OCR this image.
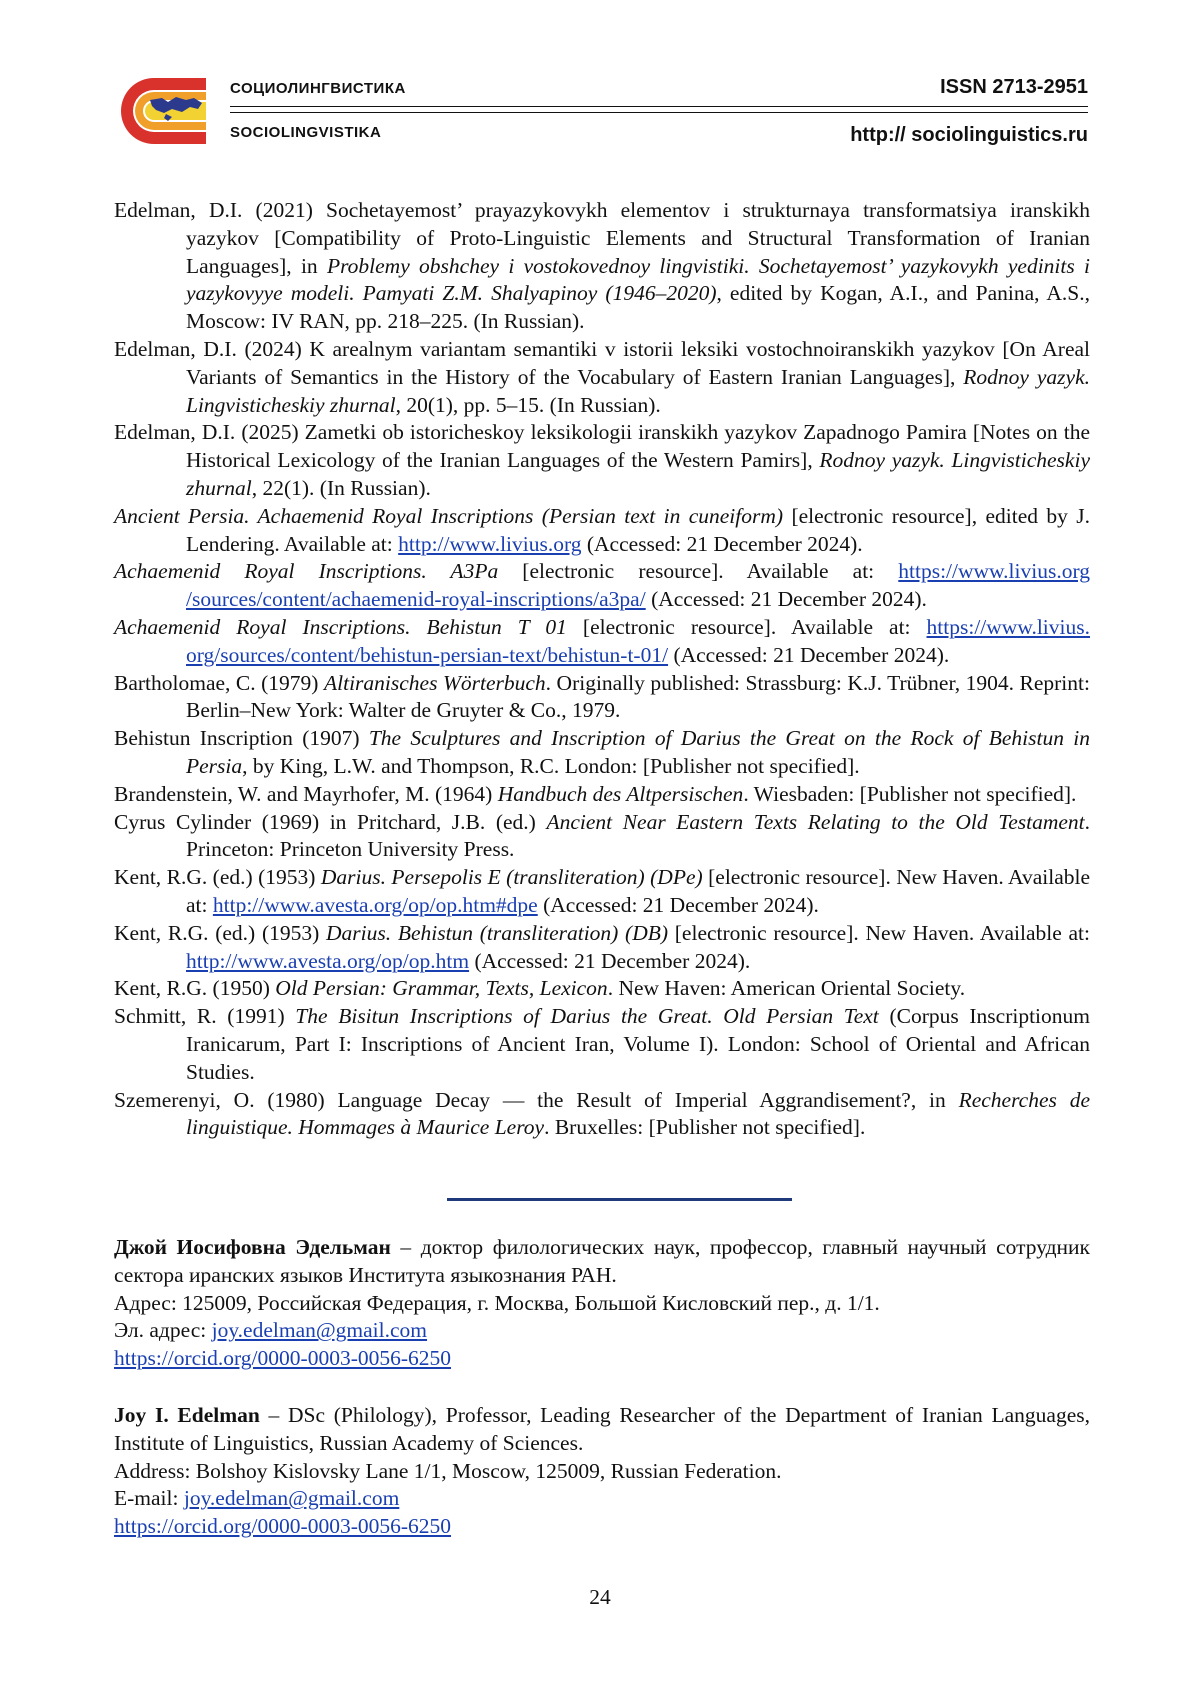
СОЦИОЛИНГВИСТИКА
SOCIOLINGVISTIKA
ISSN 2713-2951
http:// sociolinguistics.ru

Edelman, D.I. (2021) Sochetayemost’ prayazykovykh elementov i strukturnaya transformatsiya iranskikh yazykov [Compatibility of Proto-Linguistic Elements and Structural Transformation of Iranian Languages], in Problemy obshchey i vostokovednoy lingvistiki. Sochetayemost’ yazykovykh yedinits i yazykovyye modeli. Pamyati Z.M. Shalyapinoy (1946–2020), edited by Kogan, A.I., and Panina, A.S., Moscow: IV RAN, pp. 218–225. (In Russian).

Edelman, D.I. (2024) K arealnym variantam semantiki v istorii leksiki vostochnoiranskikh yazykov [On Areal Variants of Semantics in the History of the Vocabulary of Eastern Iranian Languages], Rodnoy yazyk. Lingvisticheskiy zhurnal, 20(1), pp. 5–15. (In Russian).

Edelman, D.I. (2025) Zametki ob istoricheskoy leksikologii iranskikh yazykov Zapadnogo Pamira [Notes on the Historical Lexicology of the Iranian Languages of the Western Pamirs], Rodnoy yazyk. Lingvisticheskiy zhurnal, 22(1). (In Russian).

Ancient Persia. Achaemenid Royal Inscriptions (Persian text in cuneiform) [electronic resource], edited by J. Lendering. Available at: http://www.livius.org (Accessed: 21 December 2024).

Achaemenid Royal Inscriptions. A3Pa [electronic resource]. Available at: https://www.livius.org /sources/content/achaemenid-royal-inscriptions/a3pa/ (Accessed: 21 December 2024).

Achaemenid Royal Inscriptions. Behistun T 01 [electronic resource]. Available at: https://www.livius. org/sources/content/behistun-persian-text/behistun-t-01/ (Accessed: 21 December 2024).

Bartholomae, C. (1979) Altiranisches Wörterbuch. Originally published: Strassburg: K.J. Trübner, 1904. Reprint: Berlin–New York: Walter de Gruyter & Co., 1979.

Behistun Inscription (1907) The Sculptures and Inscription of Darius the Great on the Rock of Behistun in Persia, by King, L.W. and Thompson, R.C. London: [Publisher not specified].

Brandenstein, W. and Mayrhofer, M. (1964) Handbuch des Altpersischen. Wiesbaden: [Publisher not specified].

Cyrus Cylinder (1969) in Pritchard, J.B. (ed.) Ancient Near Eastern Texts Relating to the Old Testament. Princeton: Princeton University Press.

Kent, R.G. (ed.) (1953) Darius. Persepolis E (transliteration) (DPe) [electronic resource]. New Haven. Available at: http://www.avesta.org/op/op.htm#dpe (Accessed: 21 December 2024).

Kent, R.G. (ed.) (1953) Darius. Behistun (transliteration) (DB) [electronic resource]. New Haven. Available at: http://www.avesta.org/op/op.htm (Accessed: 21 December 2024).

Kent, R.G. (1950) Old Persian: Grammar, Texts, Lexicon. New Haven: American Oriental Society.

Schmitt, R. (1991) The Bisitun Inscriptions of Darius the Great. Old Persian Text (Corpus Inscriptionum Iranicarum, Part I: Inscriptions of Ancient Iran, Volume I). London: School of Oriental and African Studies.

Szemerenyi, O. (1980) Language Decay — the Result of Imperial Aggrandisement?, in Recherches de linguistique. Hommages à Maurice Leroy. Bruxelles: [Publisher not specified].

Джой Иосифовна Эдельман – доктор филологических наук, профессор, главный научный сотрудник сектора иранских языков Института языкознания РАН.

Адрес: 125009, Российская Федерация, г. Москва, Большой Кисловский пер., д. 1/1.

Эл. адрес: joy.edelman@gmail.com

https://orcid.org/0000-0003-0056-6250

Joy I. Edelman – DSc (Philology), Professor, Leading Researcher of the Department of Iranian Languages, Institute of Linguistics, Russian Academy of Sciences.

Address: Bolshoy Kislovsky Lane 1/1, Moscow, 125009, Russian Federation.

E-mail: joy.edelman@gmail.com

https://orcid.org/0000-0003-0056-6250

24
